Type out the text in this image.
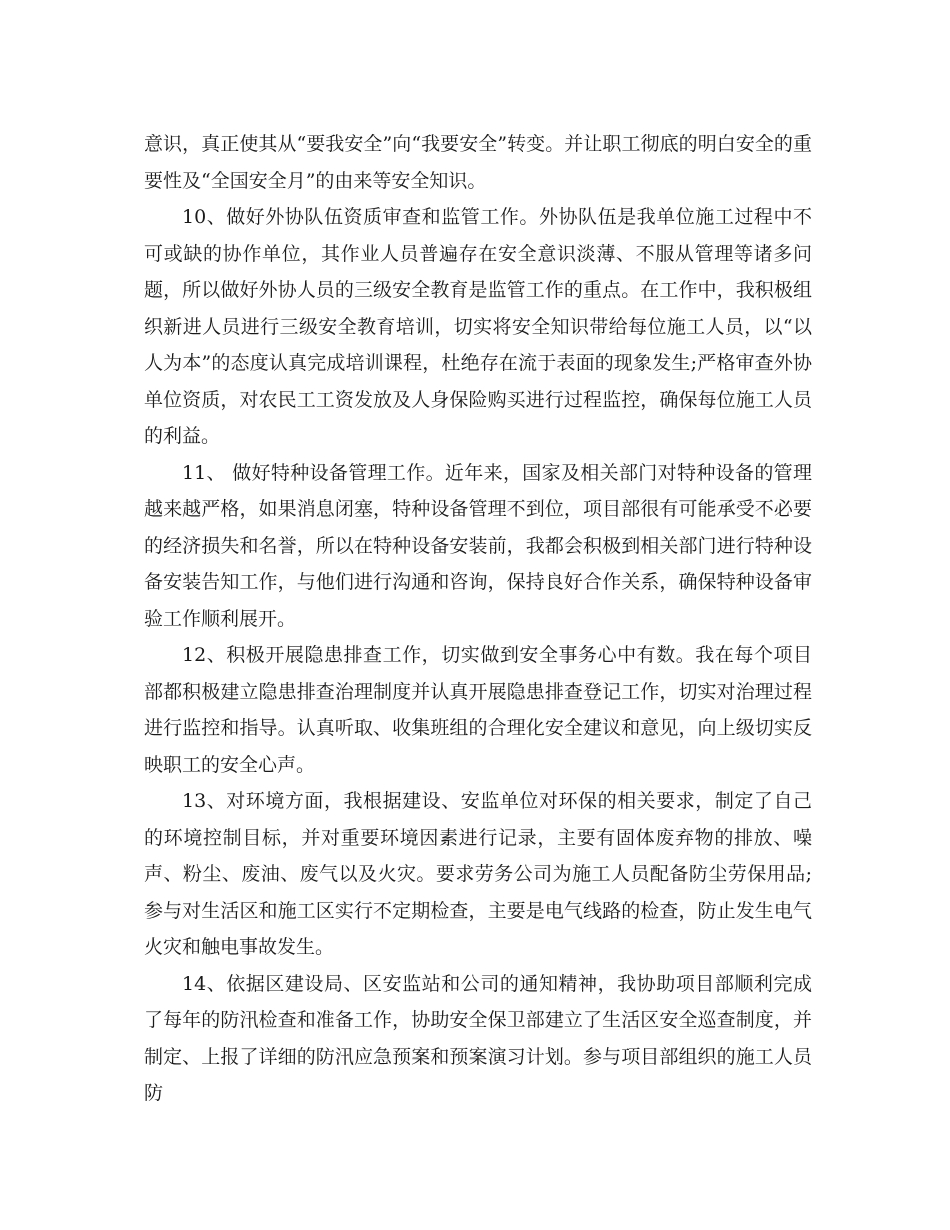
意识，真正使其从“要我安全”向“我要安全”转变。并让职工彻底的明白安全的重要性及“全国安全月”的由来等安全知识。

10、做好外协队伍资质审查和监管工作。外协队伍是我单位施工过程中不可或缺的协作单位，其作业人员普遍存在安全意识淡薄、不服从管理等诸多问题，所以做好外协人员的三级安全教育是监管工作的重点。在工作中，我积极组织新进人员进行三级安全教育培训，切实将安全知识带给每位施工人员，以“以人为本”的态度认真完成培训课程，杜绝存在流于表面的现象发生;严格审查外协单位资质，对农民工工资发放及人身保险购买进行过程监控，确保每位施工人员的利益。

11、 做好特种设备管理工作。近年来，国家及相关部门对特种设备的管理越来越严格，如果消息闭塞，特种设备管理不到位，项目部很有可能承受不必要的经济损失和名誉，所以在特种设备安装前，我都会积极到相关部门进行特种设备安装告知工作，与他们进行沟通和咨询，保持良好合作关系，确保特种设备审验工作顺利展开。

12、积极开展隐患排查工作，切实做到安全事务心中有数。我在每个项目部都积极建立隐患排查治理制度并认真开展隐患排查登记工作，切实对治理过程进行监控和指导。认真听取、收集班组的合理化安全建议和意见，向上级切实反映职工的安全心声。

13、对环境方面，我根据建设、安监单位对环保的相关要求，制定了自己的环境控制目标，并对重要环境因素进行记录，主要有固体废弃物的排放、噪声、粉尘、废油、废气以及火灾。要求劳务公司为施工人员配备防尘劳保用品;参与对生活区和施工区实行不定期检查，主要是电气线路的检查，防止发生电气火灾和触电事故发生。

14、依据区建设局、区安监站和公司的通知精神，我协助项目部顺利完成了每年的防汛检查和准备工作，协助安全保卫部建立了生活区安全巡查制度，并制定、上报了详细的防汛应急预案和预案演习计划。参与项目部组织的施工人员防
